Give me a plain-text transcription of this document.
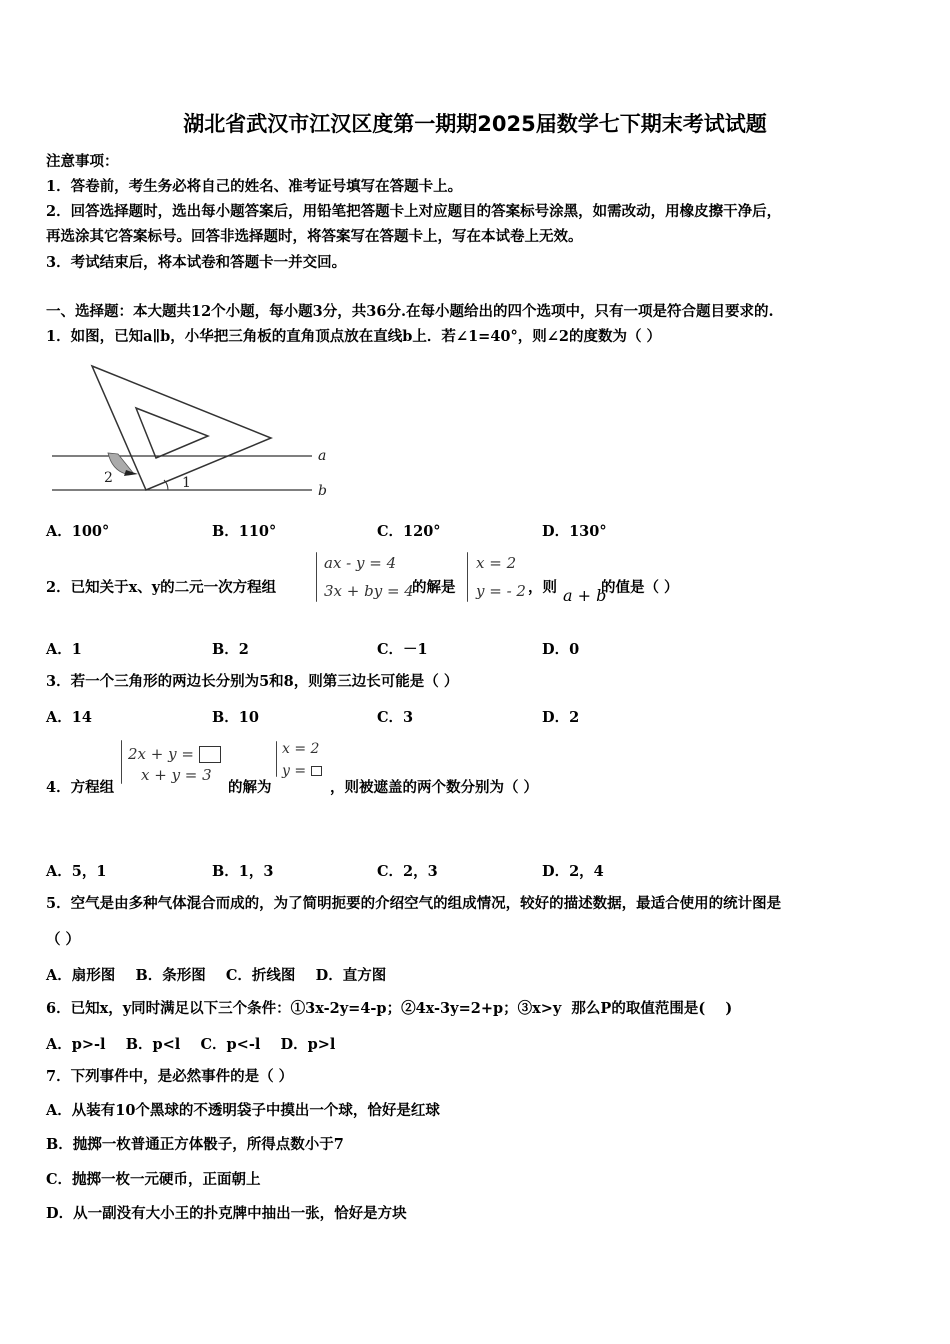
湖北省武汉市江汉区度第一期期2025届数学七下期末考试试题
注意事项：
1．答卷前，考生务必将自己的姓名、准考证号填写在答题卡上。
2．回答选择题时，选出每小题答案后，用铅笔把答题卡上对应题目的答案标号涂黑，如需改动，用橡皮擦干净后，
再选涂其它答案标号。回答非选择题时，将答案写在答题卡上，写在本试卷上无效。
3．考试结束后，将本试卷和答题卡一并交回。
一、选择题：本大题共12个小题，每小题3分，共36分.在每小题给出的四个选项中，只有一项是符合题目要求的.
1．如图，已知a∥b，小华把三角板的直角顶点放在直线b上．若∠1=40°，则∠2的度数为（ ）
a
b
1
2
A．100°	B．110°	C．120°	D．130°
2．已知关于x、y的二元一次方程组
ax - y = 4
3x + by = 4
的解是
x = 2
y = - 2 ，则 a + b
的值是（ ）
A．1	B．2	C．－1	D．0
3．若一个三角形的两边长分别为5和8，则第三边长可能是（ ）
A．14	B．10	C．3	D．2
4．方程组
2x + y =
x + y = 3
的解为
x = 2
y =
，则被遮盖的两个数分别为（ ）
A．5，1	B．1，3	C．2，3	D．2，4
5．空气是由多种气体混合而成的，为了简明扼要的介绍空气的组成情况，较好的描述数据，最适合使用的统计图是
（ ）
A．扇形图    B．条形图    C．折线图    D．直方图
6．已知x，y同时满足以下三个条件：①3x-2y=4-p；②4x-3y=2+p；③x>y  那么P的取值范围是(    )
A．p>-l    B．p<l    C．p<-l    D．p>l
7．下列事件中，是必然事件的是（ ）
A．从装有10个黑球的不透明袋子中摸出一个球，恰好是红球
B．抛掷一枚普通正方体骰子，所得点数小于7
C．抛掷一枚一元硬币，正面朝上
D．从一副没有大小王的扑克牌中抽出一张，恰好是方块
